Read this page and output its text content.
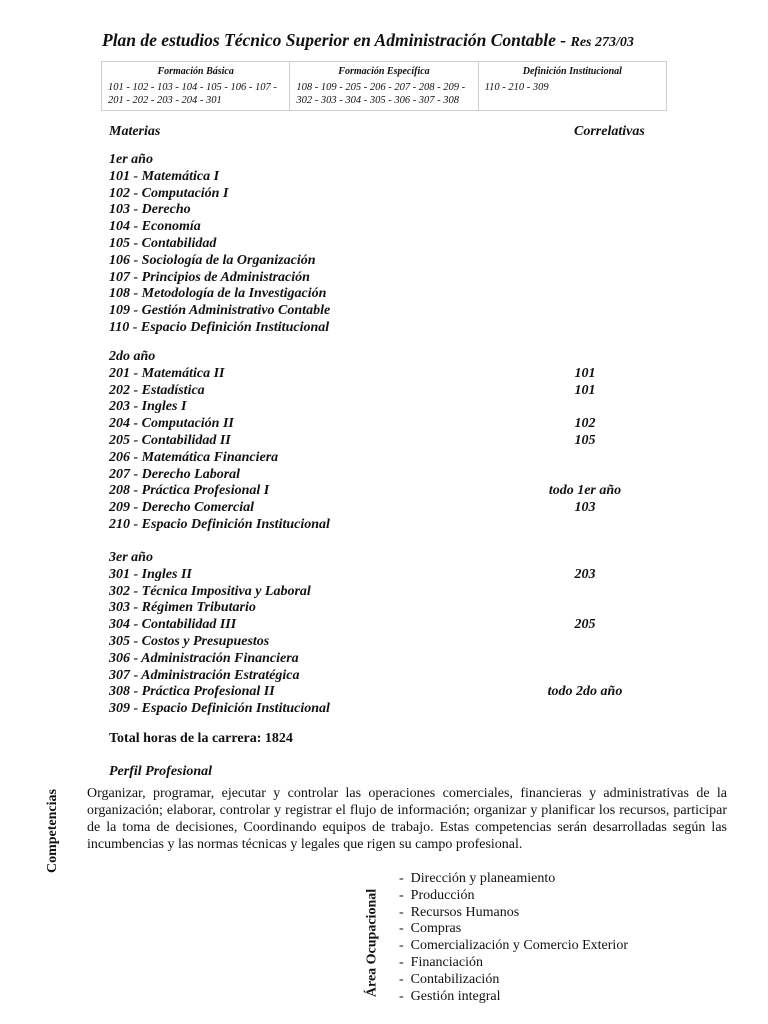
Plan de estudios Técnico Superior en Administración Contable - Res 273/03
Formación Básica
101 - 102 - 103 - 104 - 105 - 106 - 107 - 201 - 202 - 203 - 204 - 301

Formación Específica
108 - 109 - 205 - 206 - 207 - 208 - 209 - 302 - 303 - 304 - 305 - 306 - 307 - 308

Definición Institucional
110 - 210 - 309
Materias	Correlativas
1er año
101 - Matemática I
102 - Computación I
103 - Derecho
104 - Economía
105 - Contabilidad
106 - Sociología de la Organización
107 - Principios de Administración
108 - Metodología de la Investigación
109 - Gestión Administrativo Contable
110 - Espacio Definición Institucional
2do año
201 - Matemática II	101
202 - Estadística	101
203 - Ingles I
204 - Computación II	102
205 - Contabilidad II	105
206 - Matemática Financiera
207 - Derecho Laboral
208 - Práctica Profesional I	todo 1er año
209 - Derecho Comercial	103
210 - Espacio Definición Institucional
3er año
301 - Ingles II	203
302 - Técnica Impositiva y Laboral
303 - Régimen Tributario
304 - Contabilidad III	205
305 - Costos y Presupuestos
306 - Administración Financiera
307 - Administración Estratégica
308 - Práctica Profesional II	todo 2do año
309 - Espacio Definición Institucional
Total horas de la carrera: 1824
Perfil Profesional
Competencias Organizar, programar, ejecutar y controlar las operaciones comerciales, financieras y administrativas de la organización; elaborar, controlar y registrar el flujo de información; organizar y planificar los recursos, participar de la toma de decisiones, Coordinando equipos de trabajo. Estas competencias serán desarrolladas según las incumbencias y las normas técnicas y legales que rigen su campo profesional.
Área Ocupacional
- Dirección y planeamiento
- Producción
- Recursos Humanos
- Compras
- Comercialización y Comercio Exterior
- Financiación
- Contabilización
- Gestión integral
